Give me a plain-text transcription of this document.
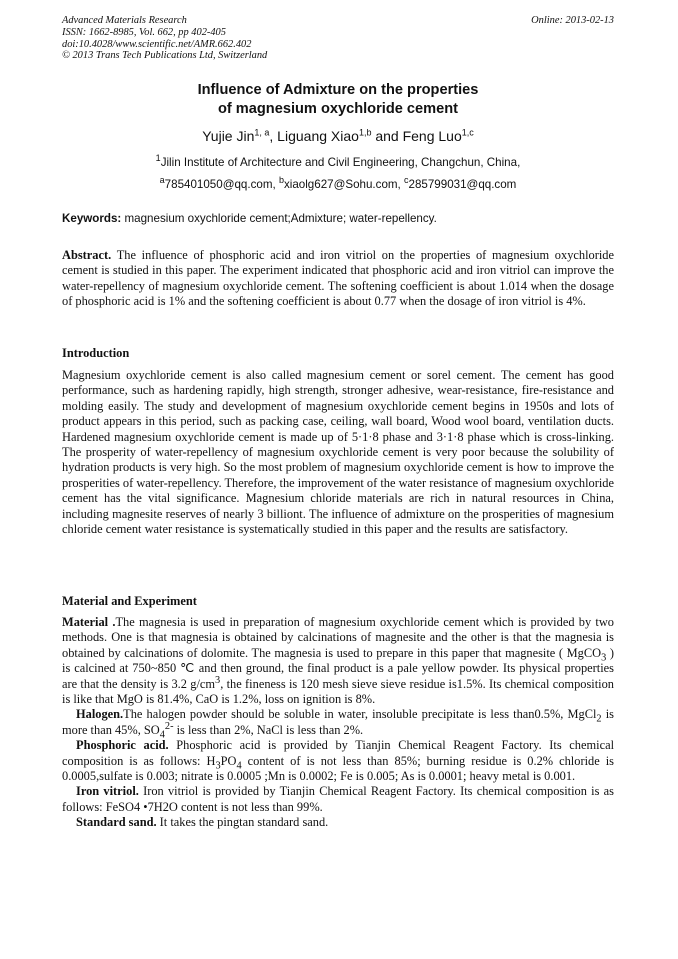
Advanced Materials Research
ISSN: 1662-8985, Vol. 662, pp 402-405
doi:10.4028/www.scientific.net/AMR.662.402
© 2013 Trans Tech Publications Ltd, Switzerland
Online: 2013-02-13
Influence of Admixture on the properties
of magnesium oxychloride cement
Yujie Jin$^{1, a}$, Liguang Xiao$^{1,b}$ and Feng Luo$^{1,c}$
$^1$Jilin Institute of Architecture and Civil Engineering, Changchun, China,
$^a$785401050@qq.com, $^b$xiaolg627@Sohu.com, $^c$285799031@qq.com
Keywords: magnesium oxychloride cement;Admixture; water-repellency.
Abstract. The influence of phosphoric acid and iron vitriol on the properties of magnesium oxychloride cement is studied in this paper. The experiment indicated that phosphoric acid and iron vitriol can improve the water-repellency of magnesium oxychloride cement. The softening coefficient is about 1.014 when the dosage of phosphoric acid is 1% and the softening coefficient is about 0.77 when the dosage of iron vitriol is 4%.
Introduction
Magnesium oxychloride cement is also called magnesium cement or sorel cement. The cement has good performance, such as hardening rapidly, high strength, stronger adhesive, wear-resistance, fire-resistance and molding easily. The study and development of magnesium oxychloride cement begins in 1950s and lots of product appears in this period, such as packing case, ceiling, wall board, Wood wool board, ventilation ducts. Hardened magnesium oxychloride cement is made up of 5·1·8 phase and 3·1·8 phase which is cross-linking. The prosperity of water-repellency of magnesium oxychloride cement is very poor because the solubility of hydration products is very high. So the most problem of magnesium oxychloride cement is how to improve the prosperities of water-repellency. Therefore, the improvement of the water resistance of magnesium oxychloride cement has the vital significance. Magnesium chloride materials are rich in natural resources in China, including magnesite reserves of nearly 3 billiont. The influence of admixture on the prosperities of magnesium chloride cement water resistance is systematically studied in this paper and the results are satisfactory.
Material and Experiment

Material .The magnesia is used in preparation of magnesium oxychloride cement which is provided by two methods. One is that magnesia is obtained by calcinations of magnesite and the other is that the magnesia is obtained by calcinations of dolomite. The magnesia is used to prepare in this paper that magnesite ( MgCO$_3$ ) is calcined at 750~850 ℃ and then ground, the final product is a pale yellow powder. Its physical properties are that the density is 3.2 $g/cm^3$, the fineness is 120 mesh sieve sieve residue is1.5%. Its chemical composition is like that MgO is 81.4%, CaO is 1.2%, loss on ignition is 8%.

Halogen.The halogen powder should be soluble in water, insoluble precipitate is less than0.5%, MgCl$_2$ is more than 45%, $SO_4^{2-}$ is less than 2%, NaCl is less than 2%.

Phosphoric acid. Phosphoric acid is provided by Tianjin Chemical Reagent Factory. Its chemical composition is as follows: $H_3PO_4$ content of is not less than 85%; burning residue is 0.2% chloride is 0.0005,sulfate is 0.003; nitrate is 0.0005 ;Mn is 0.0002; Fe is 0.005; As is 0.0001; heavy metal is 0.001.

Iron vitriol. Iron vitriol is provided by Tianjin Chemical Reagent Factory. Its chemical composition is as follows: FeSO4 •7H2O content is not less than 99%.

Standard sand. It takes the pingtan standard sand.
